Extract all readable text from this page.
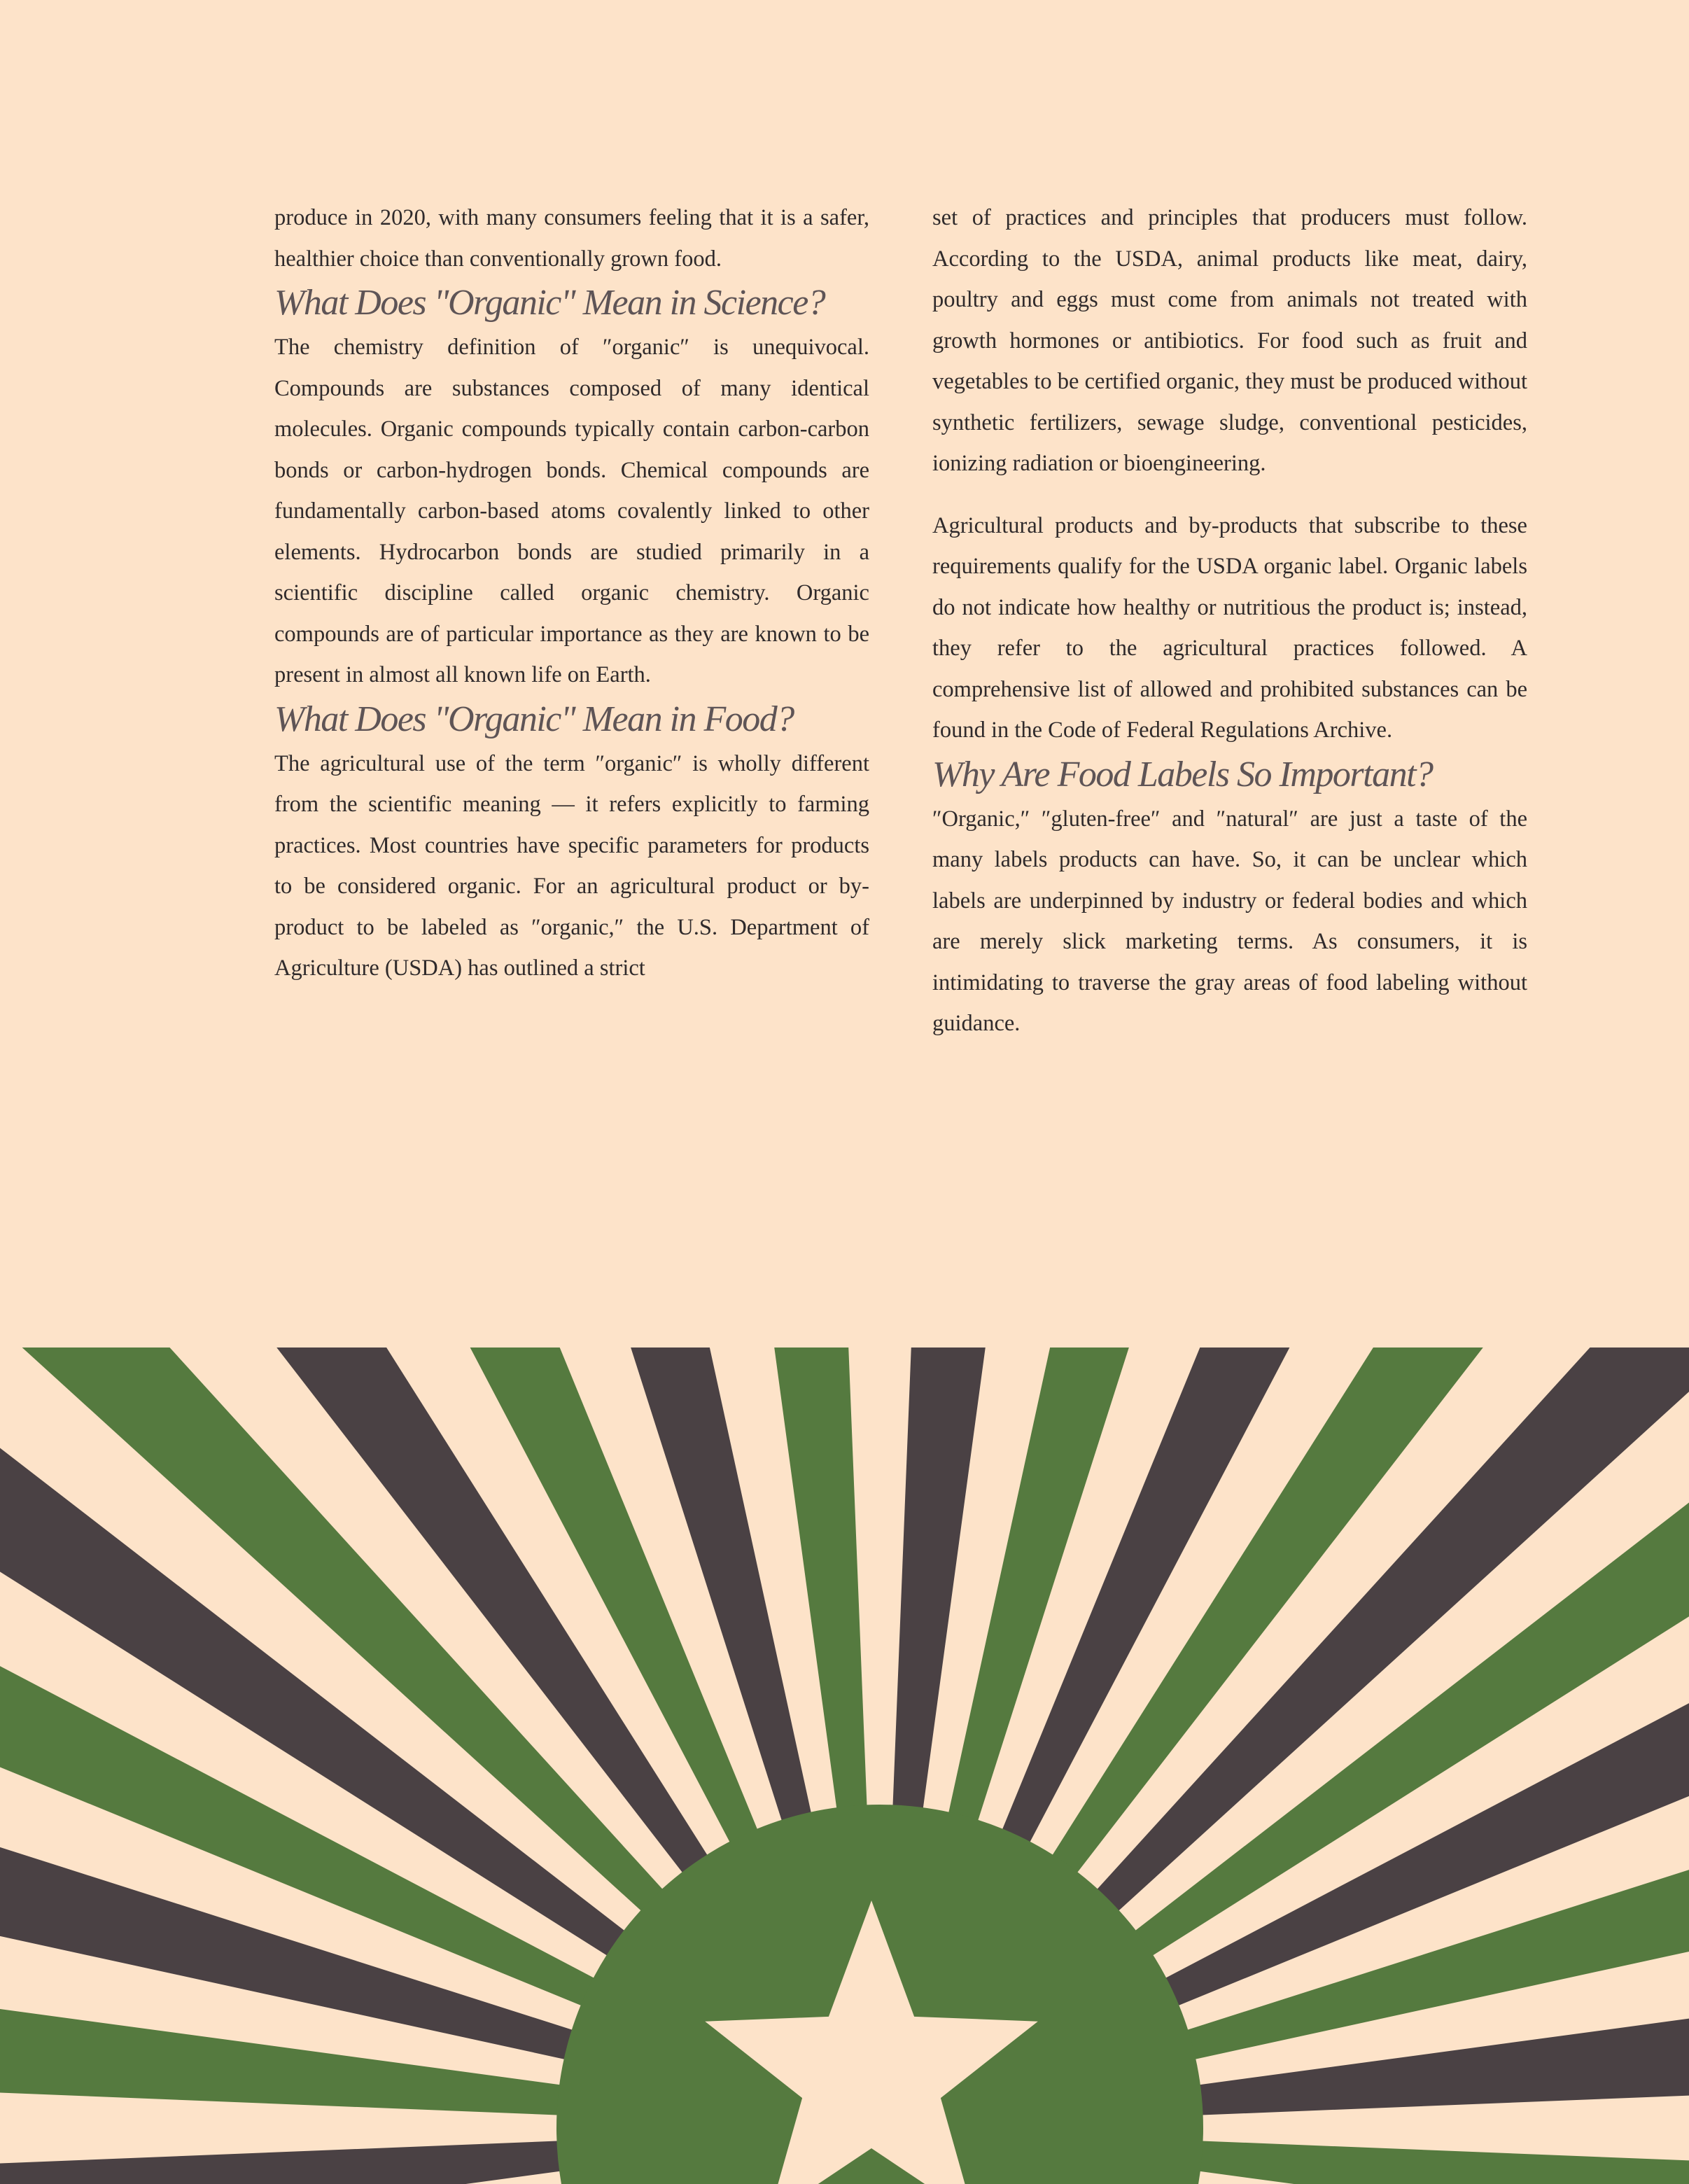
produce in 2020, with many consumers feeling that it is a safer, healthier choice than conventionally grown food.

What Does "Organic" Mean in Science?

The chemistry definition of ″organic″ is unequivocal. Compounds are substances composed of many identical molecules. Organic compounds typically contain carbon-carbon bonds or carbon-hydrogen bonds. Chemical compounds are fundamentally carbon-based atoms covalently linked to other elements. Hydrocarbon bonds are studied primarily in a scientific discipline called organic chemistry. Organic compounds are of particular importance as they are known to be present in almost all known life on Earth.

What Does "Organic" Mean in Food?

The agricultural use of the term ″organic″ is wholly different from the scientific meaning — it refers explicitly to farming practices. Most countries have specific parameters for products to be considered organic. For an agricultural product or by-product to be labeled as ″organic,″ the U.S. Department of Agriculture (USDA) has outlined a strict

set of practices and principles that producers must follow. According to the USDA, animal products like meat, dairy, poultry and eggs must come from animals not treated with growth hormones or antibiotics. For food such as fruit and vegetables to be certified organic, they must be produced without synthetic fertilizers, sewage sludge, conventional pesticides, ionizing radiation or bioengineering.

Agricultural products and by-products that subscribe to these requirements qualify for the USDA organic label. Organic labels do not indicate how healthy or nutritious the product is; instead, they refer to the agricultural practices followed. A comprehensive list of allowed and prohibited substances can be found in the Code of Federal Regulations Archive.

Why Are Food Labels So Important?

″Organic,″ ″gluten-free″ and ″natural″ are just a taste of the many labels products can have. So, it can be unclear which labels are underpinned by industry or federal bodies and which are merely slick marketing terms. As consumers, it is intimidating to traverse the gray areas of food labeling without guidance.
